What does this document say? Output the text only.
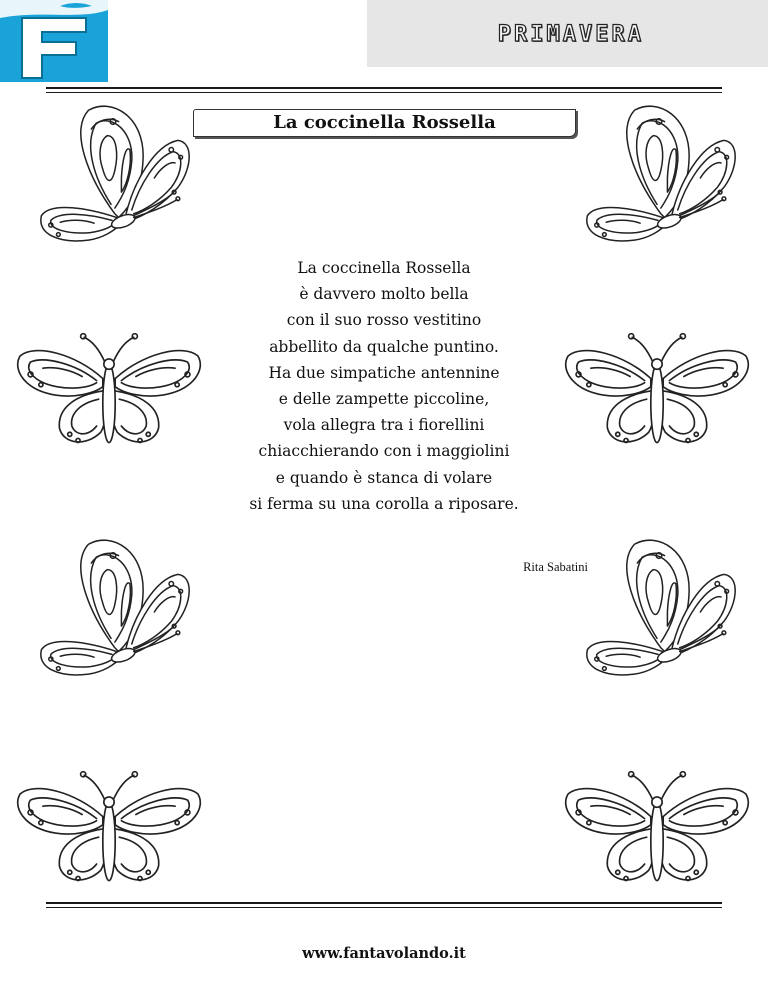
PRIMAVERA
La coccinella Rossella
La coccinella Rossella
è davvero molto bella
con il suo rosso vestitino
abbellito da qualche puntino.
Ha due simpatiche antennine
e delle zampette piccoline,
vola allegra tra i fiorellini
chiacchierando con i maggiolini
e quando è stanca di volare
si ferma su una corolla a riposare.
Rita Sabatini
www.fantavolando.it
